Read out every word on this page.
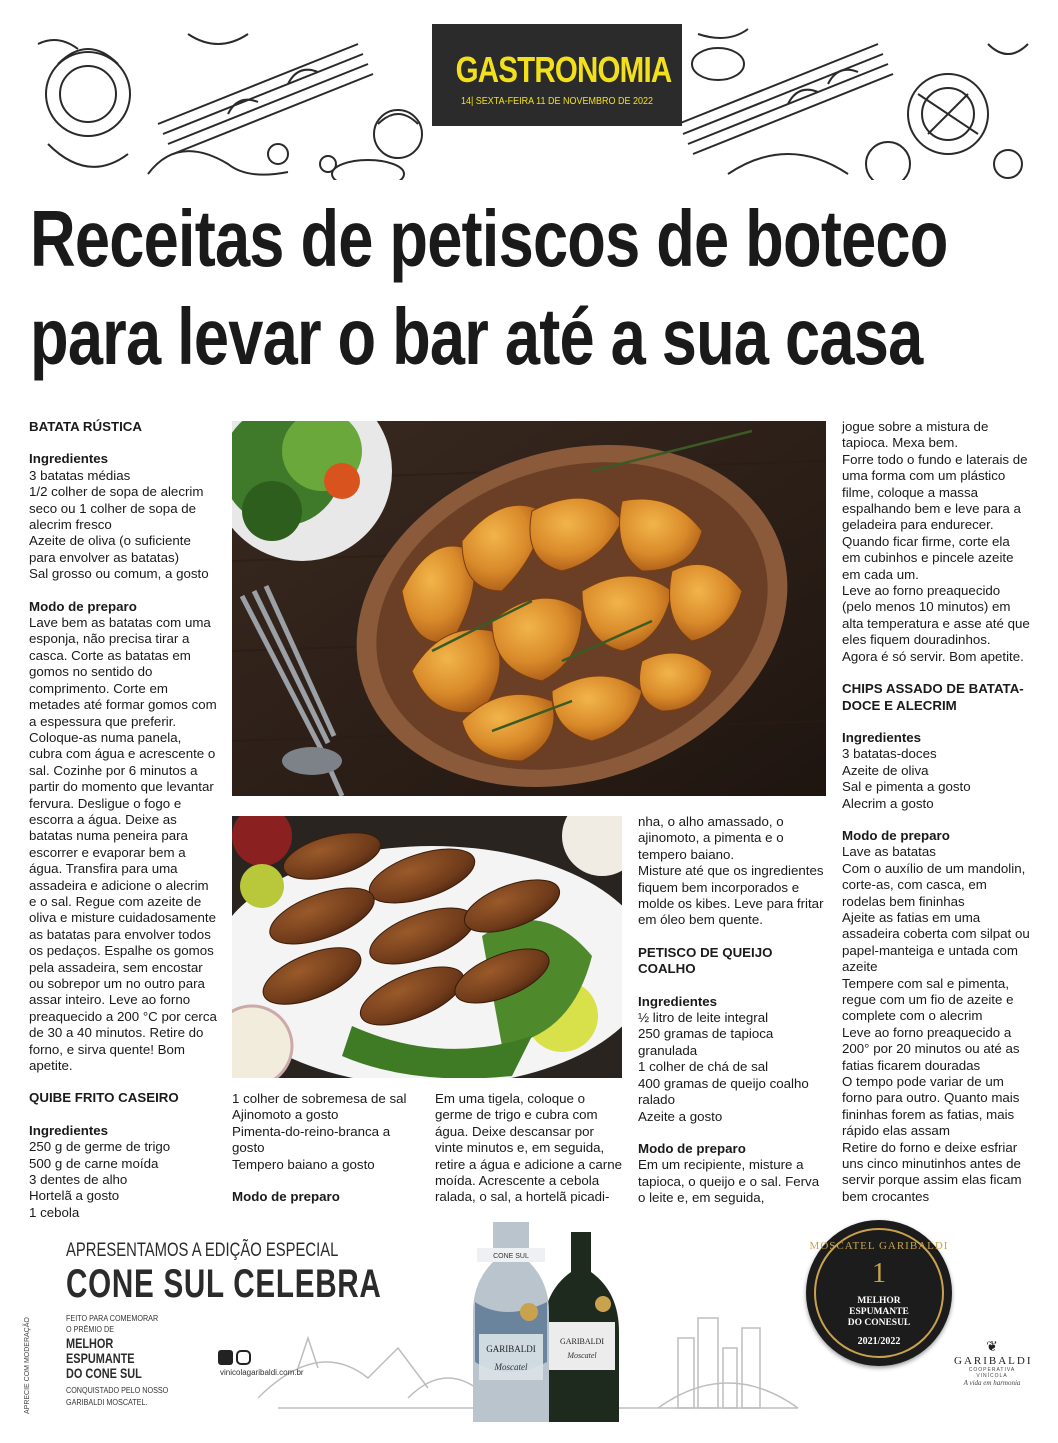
GASTRONOMIA
14| SEXTA-FEIRA 11 DE NOVEMBRO DE 2022
Receitas de petiscos de boteco
para levar o bar até a sua casa

BATATA RÚSTICA

Ingredientes

3 batatas médias
1/2 colher de sopa de alecrim seco ou 1 colher de sopa de alecrim fresco
Azeite de oliva (o suficiente para envolver as batatas)
Sal grosso ou comum, a gosto

Modo de preparo

Lave bem as batatas com uma esponja, não precisa tirar a casca. Corte as batatas em gomos no sentido do comprimento. Corte em metades até formar gomos com a espessura que preferir. Coloque-as numa panela, cubra com água e acrescente o sal. Cozinhe por 6 minutos a partir do momento que levantar fervura. Desligue o fogo e escorra a água. Deixe as batatas numa peneira para escorrer e evaporar bem a água. Transfira para uma assadeira e adicione o alecrim e o sal. Regue com azeite de oliva e misture cuidadosamente as batatas para envolver todos os pedaços. Espalhe os gomos pela assadeira, sem encostar ou sobrepor um no outro para assar inteiro. Leve ao forno preaquecido a 200 °C por cerca de 30 a 40 minutos. Retire do forno, e sirva quente! Bom apetite.

QUIBE FRITO CASEIRO

Ingredientes

250 g de germe de trigo
500 g de carne moída
3 dentes de alho
Hortelã a gosto
1 cebola

1 colher de sobremesa de sal
Ajinomoto a gosto
Pimenta-do-reino-branca a gosto
Tempero baiano a gosto

Modo de preparo

Em uma tigela, coloque o germe de trigo e cubra com água. Deixe descansar por vinte minutos e, em seguida, retire a água e adicione a carne moída. Acrescente a cebola ralada, o sal, a hortelã picadi-

nha, o alho amassado, o ajinomoto, a pimenta e o tempero baiano.
Misture até que os ingredientes fiquem bem incorporados e molde os kibes. Leve para fritar em óleo bem quente.

PETISCO DE QUEIJO COALHO

Ingredientes

½ litro de leite integral
250 gramas de tapioca granulada
1 colher de chá de sal
400 gramas de queijo coalho ralado
Azeite a gosto

Modo de preparo

Em um recipiente, misture a tapioca, o queijo e o sal. Ferva o leite e, em seguida,

jogue sobre a mistura de tapioca. Mexa bem.
Forre todo o fundo e laterais de uma forma com um plástico filme, coloque a massa espalhando bem e leve para a geladeira para endurecer. Quando ficar firme, corte ela em cubinhos e pincele azeite em cada um.
Leve ao forno preaquecido (pelo menos 10 minutos) em alta temperatura e asse até que eles fiquem douradinhos.
Agora é só servir. Bom apetite.

CHIPS ASSADO DE BATATA-DOCE E ALECRIM

Ingredientes

3 batatas-doces
Azeite de oliva
Sal e pimenta a gosto
Alecrim a gosto

Modo de preparo

Lave as batatas
Com o auxílio de um mandolin, corte-as, com casca, em rodelas bem fininhas
Ajeite as fatias em uma assadeira coberta com silpat ou papel-manteiga e untada com azeite
Tempere com sal e pimenta, regue com um fio de azeite e complete com o alecrim
Leve ao forno preaquecido a 200° por 20 minutos ou até as fatias ficarem douradas
O tempo pode variar de um forno para outro. Quanto mais fininhas forem as fatias, mais rápido elas assam
Retire do forno e deixe esfriar uns cinco minutinhos antes de servir porque assim elas ficam bem crocantes

APRESENTAMOS A EDIÇÃO ESPECIAL
CONE SUL CELEBRA
FEITO PARA COMEMORAR
O PRÊMIO DE
MELHOR
ESPUMANTE
DO CONE SUL
CONQUISTADO PELO NOSSO
GARIBALDI MOSCATEL.
APRECIE COM MODERAÇÃO	vinicolagaribaldi.com.br
GARIBALDI
Moscatel
CONE SUL
GARIBALDI
Moscatel
MOSCATEL GARIBALDI
1
MELHOR
ESPUMANTE
DO CONESUL
2021/2022	❦
GARIBALDI
COOPERATIVA VINÍCOLA
A vida em harmonia
